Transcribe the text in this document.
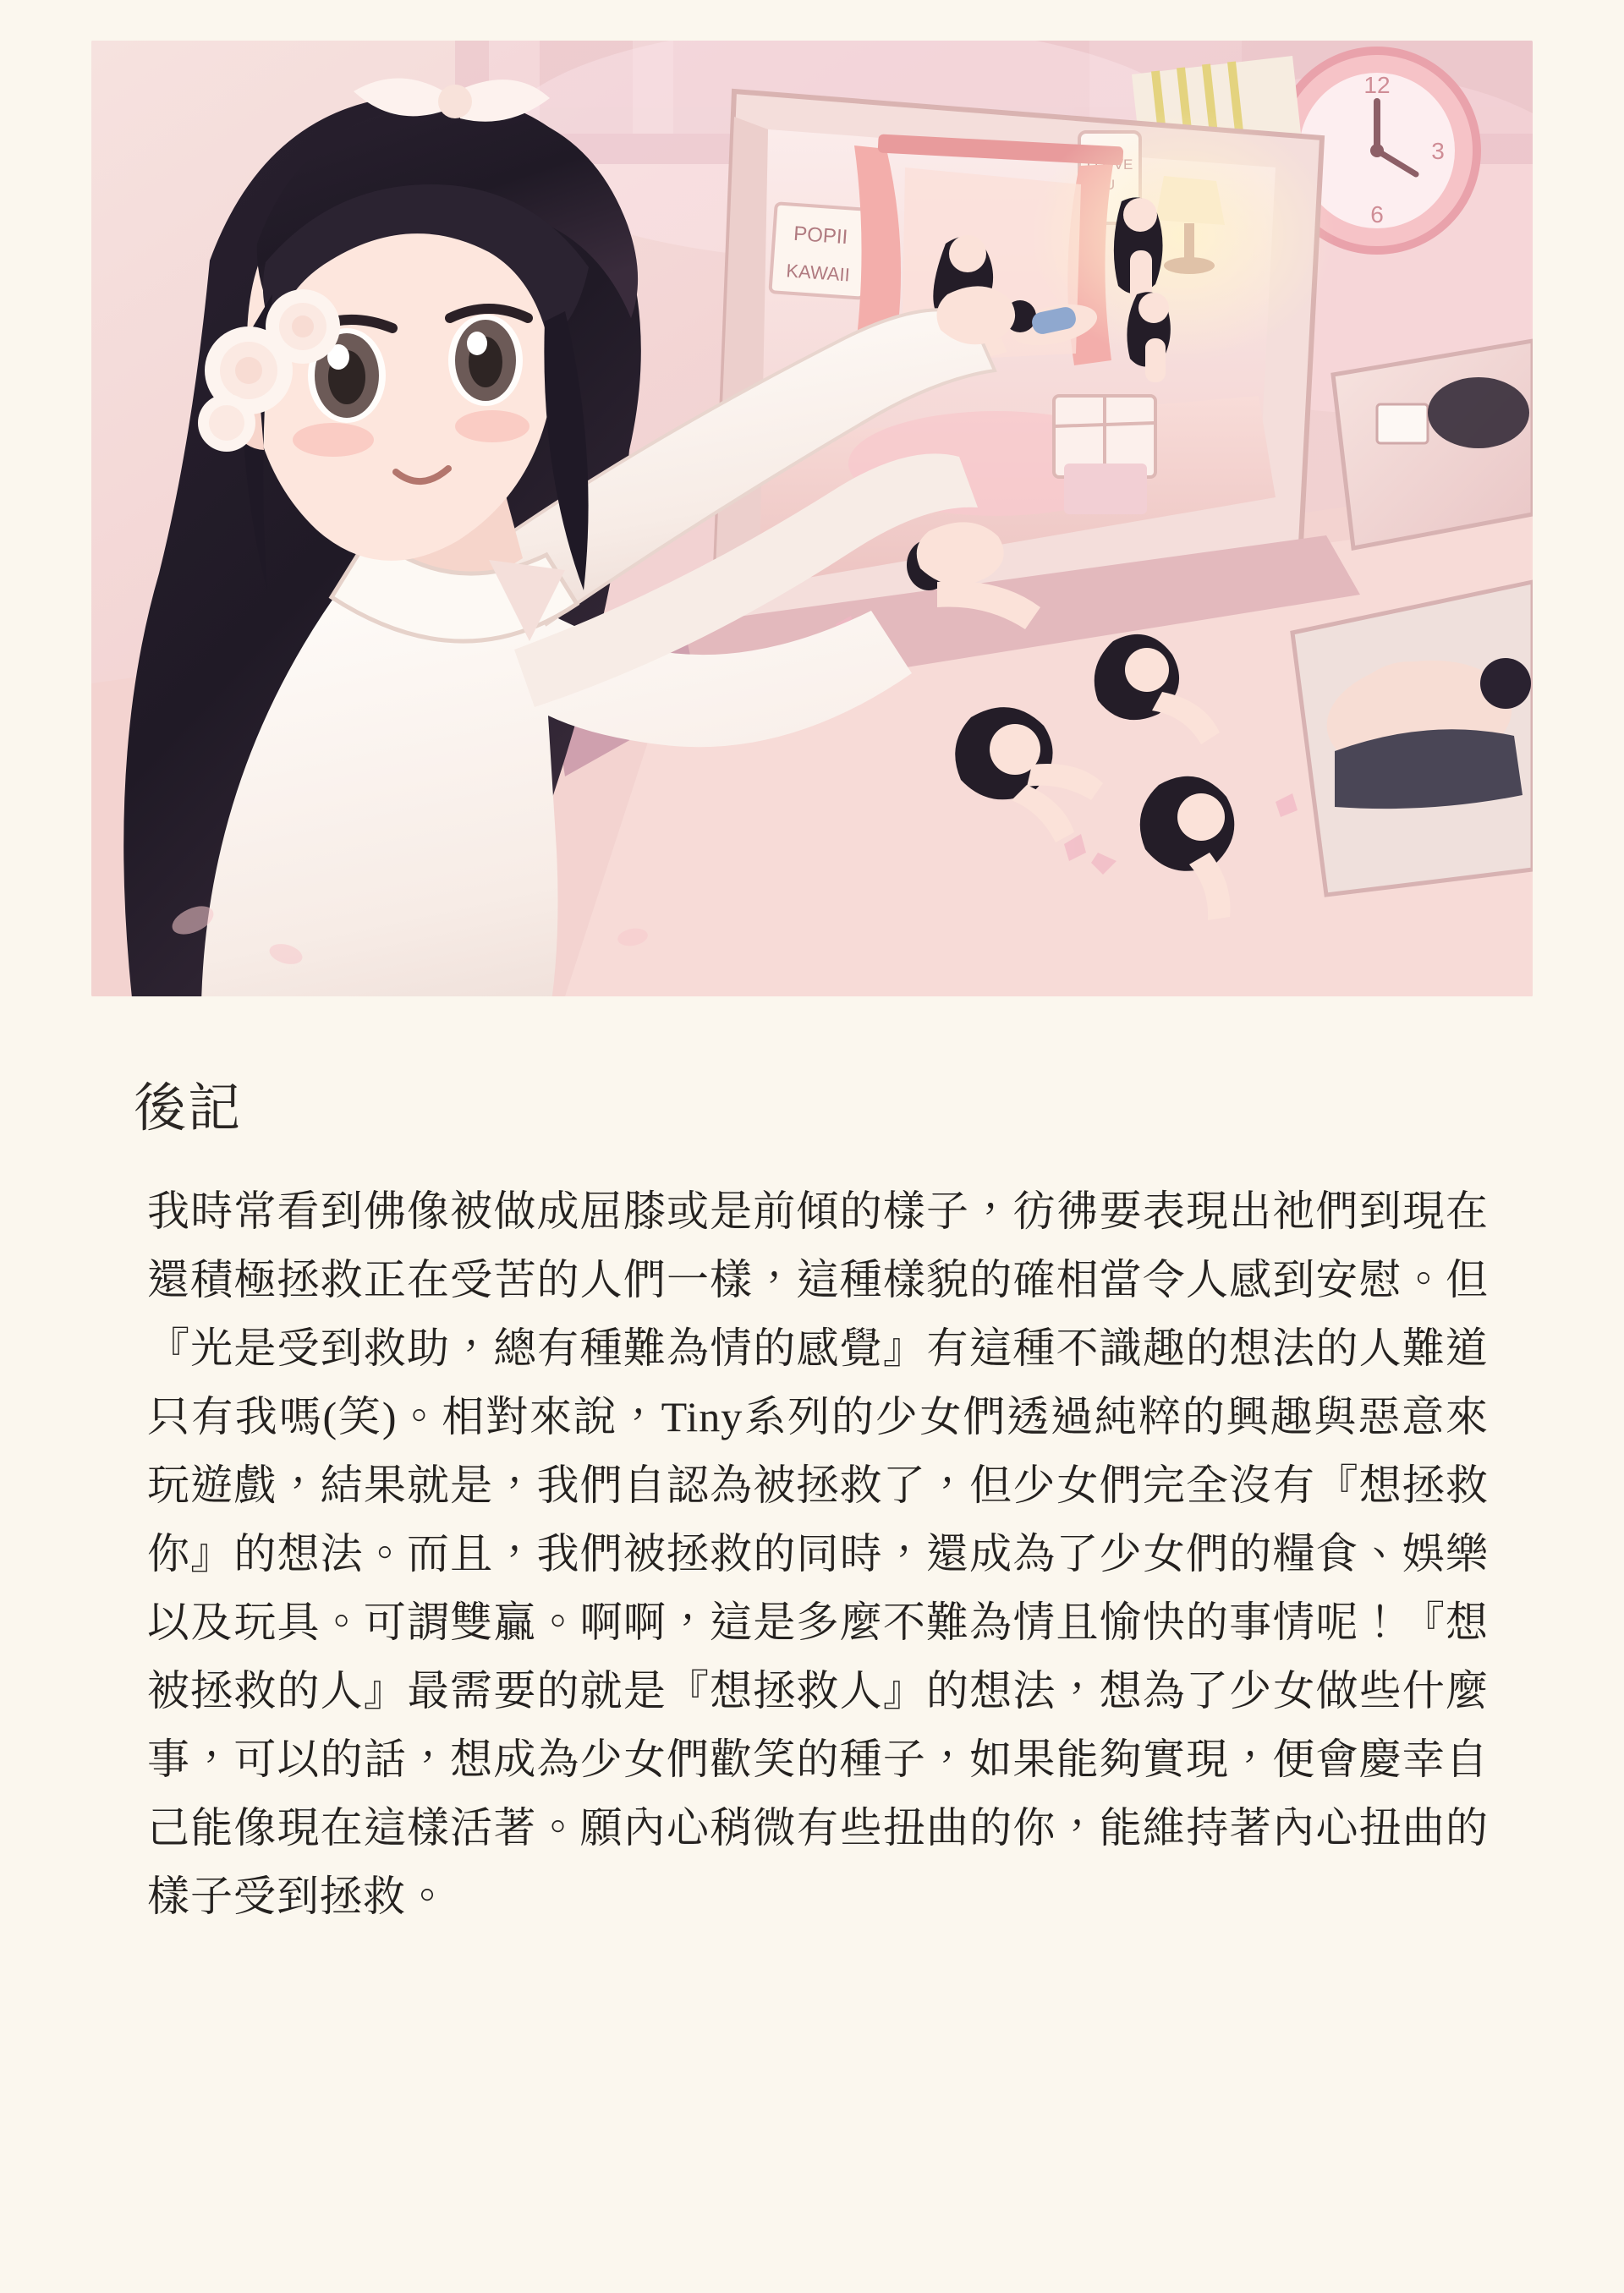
12
3
6
POPII
KAWAII
後記

我時常看到佛像被做成屈膝或是前傾的樣子，彷彿要表現出祂們到現在還積極拯救正在受苦的人們一樣，這種樣貌的確相當令人感到安慰。但『光是受到救助，總有種難為情的感覺』有這種不識趣的想法的人難道只有我嗎(笑)。相對來說，Tiny系列的少女們透過純粹的興趣與惡意來玩遊戲，結果就是，我們自認為被拯救了，但少女們完全沒有『想拯救你』的想法。而且，我們被拯救的同時，還成為了少女們的糧食、娛樂以及玩具。可謂雙贏。啊啊，這是多麼不難為情且愉快的事情呢！『想被拯救的人』最需要的就是『想拯救人』的想法，想為了少女做些什麼事，可以的話，想成為少女們歡笑的種子，如果能夠實現，便會慶幸自己能像現在這樣活著。願內心稍微有些扭曲的你，能維持著內心扭曲的樣子受到拯救。
